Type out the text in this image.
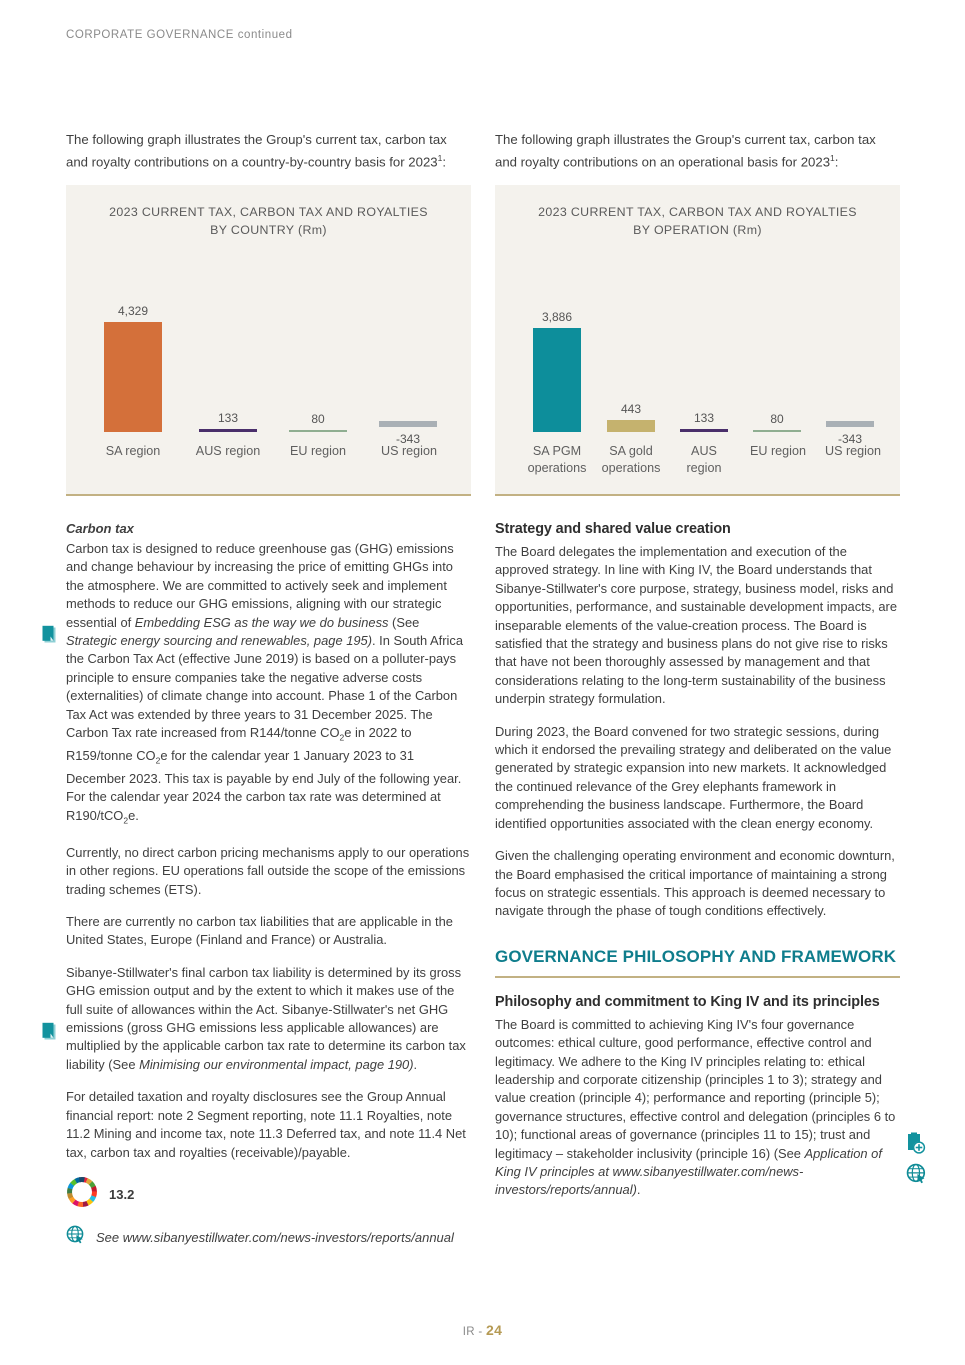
CORPORATE GOVERNANCE continued

The following graph illustrates the Group's current tax, carbon tax
and royalty contributions on a country-by-country basis for 2023$^1$:

2023 CURRENT TAX, CARBON TAX AND ROYALTIES
BY COUNTRY (Rm)
4,329
133	80
-343
SA region	AUS region	EU region	US region

The following graph illustrates the Group's current tax, carbon tax
and royalty contributions on an operational basis for 2023$^1$:

2023 CURRENT TAX, CARBON TAX AND ROYALTIES
BY OPERATION (Rm)
3,886
443
133	80
-343
SA PGM
operations
SA gold
operations
AUS
region
EU region	US region
Carbon tax

Carbon tax is designed to reduce greenhouse gas (GHG) emissions and change behaviour by increasing the price of emitting GHGs into the atmosphere. We are committed to actively seek and implement methods to reduce our GHG emissions, aligning with our strategic essential of Embedding ESG as the way we do business (See Strategic energy sourcing and renewables, page 195). In South Africa the Carbon Tax Act (effective June 2019) is based on a polluter-pays principle to ensure companies take the negative adverse costs (externalities) of climate change into account. Phase 1 of the Carbon Tax Act was extended by three years to 31 December 2025. The Carbon Tax rate increased from R144/tonne $CO_2e$ in 2022 to R159/tonne $CO_2e$ for the calendar year 1 January 2023 to 31 December 2023. This tax is payable by end July of the following year. For the calendar year 2024 the carbon tax rate was determined at R190/tCO$_2$e.

Currently, no direct carbon pricing mechanisms apply to our operations in other regions. EU operations fall outside the scope of the emissions trading schemes (ETS).

There are currently no carbon tax liabilities that are applicable in the United States, Europe (Finland and France) or Australia.

Sibanye-Stillwater's final carbon tax liability is determined by its gross GHG emission output and by the extent to which it makes use of the full suite of allowances within the Act. Sibanye-Stillwater's net GHG emissions (gross GHG emissions less applicable allowances) are multiplied by the applicable carbon tax rate to determine its carbon tax liability (See Minimising our environmental impact, page 190).

For detailed taxation and royalty disclosures see the Group Annual financial report: note 2 Segment reporting, note 11.1 Royalties, note 11.2 Mining and income tax, note 11.3 Deferred tax, and note 11.4 Net tax, carbon tax and royalties (receivable)/payable.

13.2
See www.sibanyestillwater.com/news-investors/reports/annual
Strategy and shared value creation

The Board delegates the implementation and execution of the approved strategy. In line with King IV, the Board understands that Sibanye-Stillwater's core purpose, strategy, business model, risks and opportunities, performance, and sustainable development impacts, are inseparable elements of the value-creation process. The Board is satisfied that the strategy and business plans do not give rise to risks that have not been thoroughly assessed by management and that considerations relating to the long-term sustainability of the business underpin strategy formulation.

During 2023, the Board convened for two strategic sessions, during which it endorsed the prevailing strategy and deliberated on the value generated by strategic expansion into new markets. It acknowledged the continued relevance of the Grey elephants framework in comprehending the business landscape. Furthermore, the Board identified opportunities associated with the clean energy economy.

Given the challenging operating environment and economic downturn, the Board emphasised the critical importance of maintaining a strong focus on strategic essentials. This approach is deemed necessary to navigate through the phase of tough conditions effectively.

GOVERNANCE PHILOSOPHY AND FRAMEWORK
Philosophy and commitment to King IV and its principles

The Board is committed to achieving King IV's four governance outcomes: ethical culture, good performance, effective control and legitimacy. We adhere to the King IV principles relating to: ethical leadership and corporate citizenship (principles 1 to 3); strategy and value creation (principle 4); performance and reporting (principle 5); governance structures, effective control and delegation (principles 6 to 10); functional areas of governance (principles 11 to 15); trust and legitimacy – stakeholder inclusivity (principle 16) (See Application of King IV principles at www.sibanyestillwater.com/news-investors/reports/annual).

IR - 24
